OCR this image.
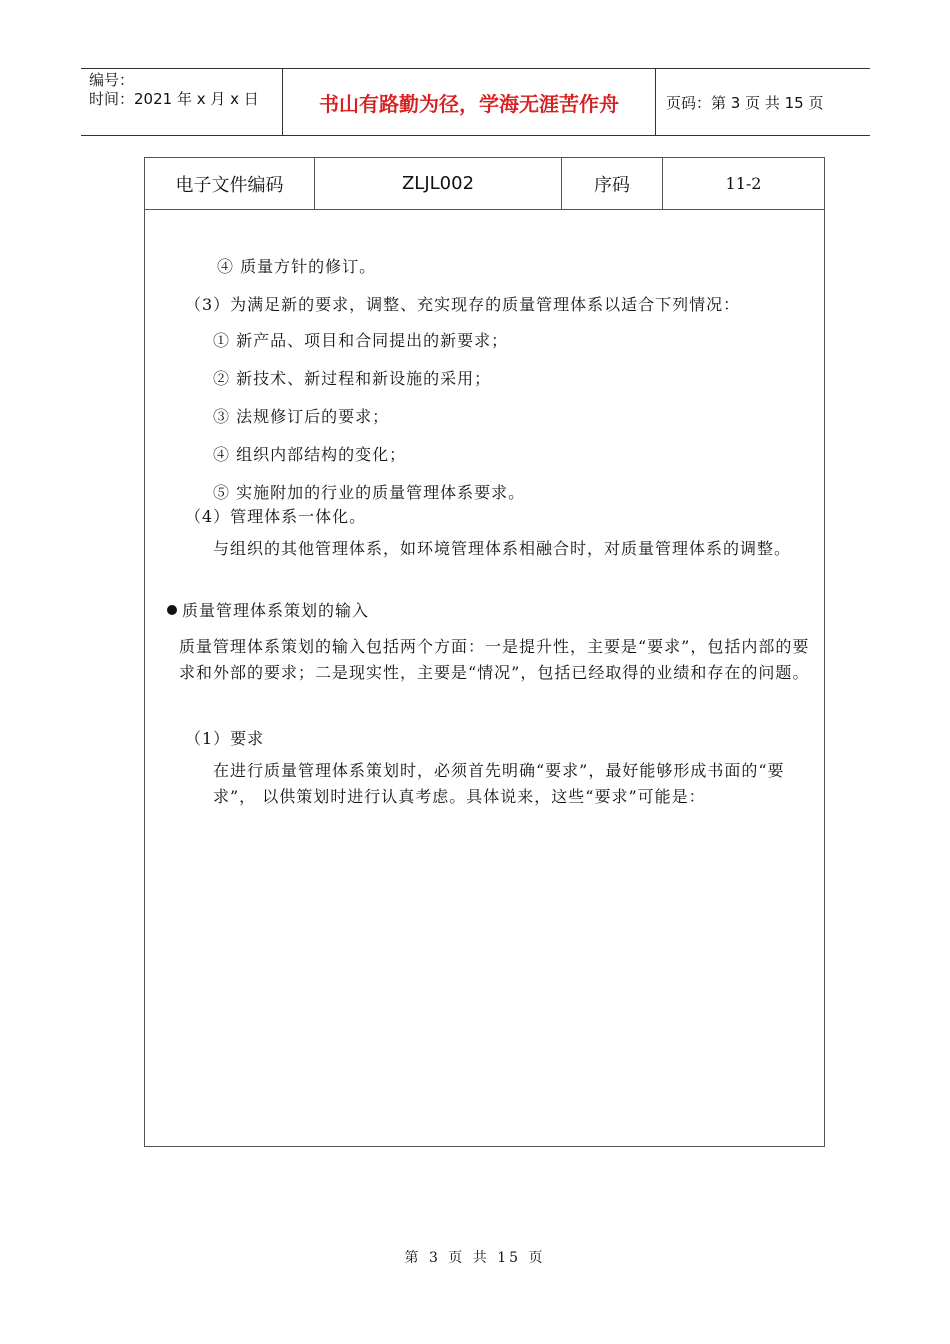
编号：
时间：2021 年 x 月 x 日	书山有路勤为径，学海无涯苦作舟	页码：第 3 页 共 15 页
电子文件编码	ZLJL002	序码	11-2
④ 质量方针的修订。
（3）为满足新的要求，调整、充实现存的质量管理体系以适合下列情况：
① 新产品、项目和合同提出的新要求；
② 新技术、新过程和新设施的采用；
③ 法规修订后的要求；
④ 组织内部结构的变化；
⑤ 实施附加的行业的质量管理体系要求。
（4）管理体系一体化。
与组织的其他管理体系，如环境管理体系相融合时，对质量管理体系的调整。
质量管理体系策划的输入
质量管理体系策划的输入包括两个方面：一是提升性，主要是“要求”，包括内部的要 求和外部的要求；二是现实性，主要是“情况”，包括已经取得的业绩和存在的问题。
（1）要求
在进行质量管理体系策划时，必须首先明确“要求”，最好能够形成书面的“要求”， 以供策划时进行认真考虑。具体说来，这些“要求”可能是：
第 3 页 共 15 页
